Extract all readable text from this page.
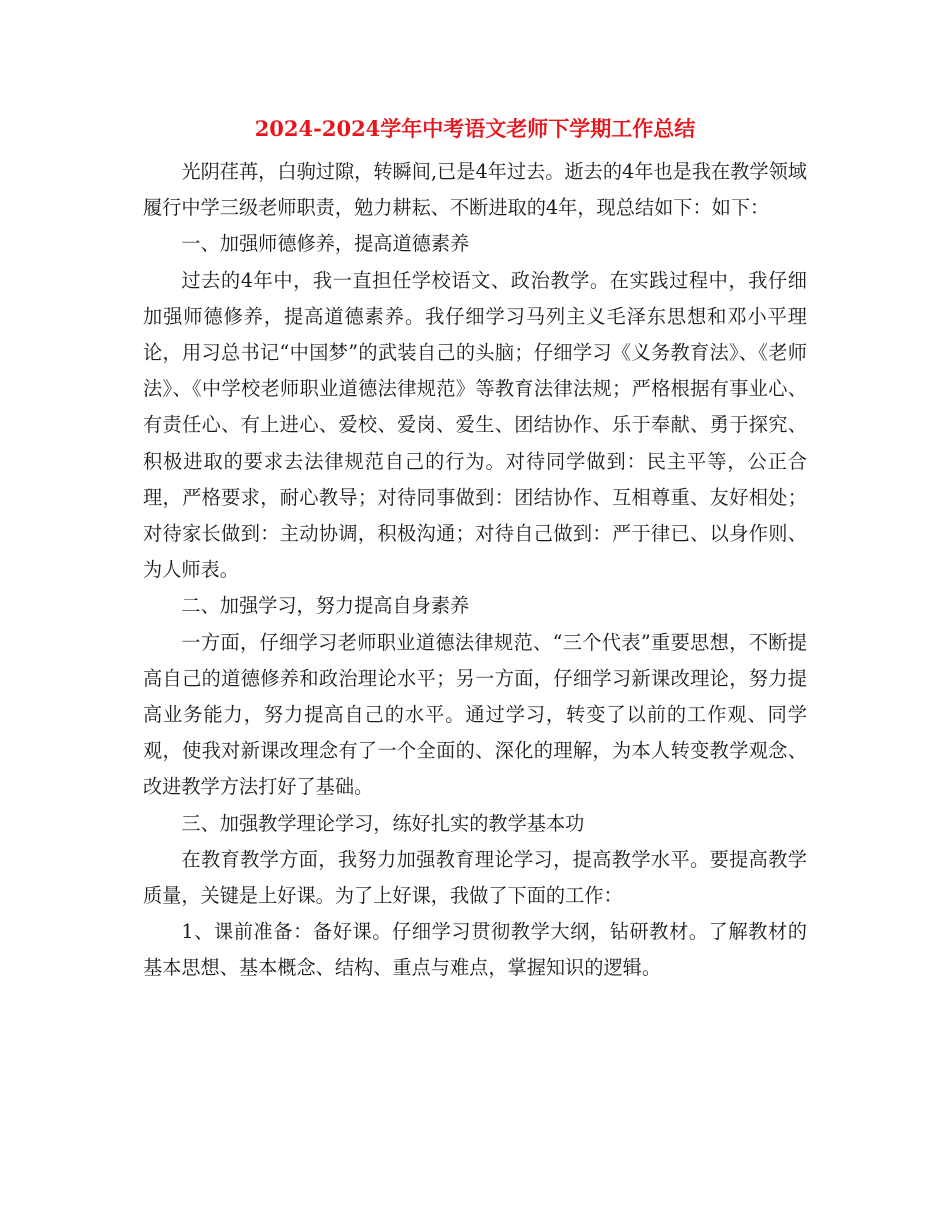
2024-2024学年中考语文老师下学期工作总结

光阴荏苒，白驹过隙，转瞬间,已是4年过去。逝去的4年也是我在教学领域履行中学三级老师职责，勉力耕耘、不断进取的4年，现总结如下：如下：

一、加强师德修养，提高道德素养

过去的4年中，我一直担任学校语文、政治教学。在实践过程中，我仔细加强师德修养，提高道德素养。我仔细学习马列主义毛泽东思想和邓小平理论，用习总书记“中国梦”的武装自己的头脑；仔细学习《义务教育法》、《老师法》、《中学校老师职业道德法律规范》等教育法律法规；严格根据有事业心、有责任心、有上进心、爱校、爱岗、爱生、团结协作、乐于奉献、勇于探究、积极进取的要求去法律规范自己的行为。对待同学做到：民主平等，公正合理，严格要求，耐心教导；对待同事做到：团结协作、互相尊重、友好相处；对待家长做到：主动协调，积极沟通；对待自己做到：严于律已、以身作则、为人师表。

二、加强学习，努力提高自身素养

一方面，仔细学习老师职业道德法律规范、“三个代表”重要思想，不断提高自己的道德修养和政治理论水平；另一方面，仔细学习新课改理论，努力提高业务能力，努力提高自己的水平。通过学习，转变了以前的工作观、同学观，使我对新课改理念有了一个全面的、深化的理解，为本人转变教学观念、改进教学方法打好了基础。

三、加强教学理论学习，练好扎实的教学基本功

在教育教学方面，我努力加强教育理论学习，提高教学水平。要提高教学质量，关键是上好课。为了上好课，我做了下面的工作：

1、课前准备：备好课。仔细学习贯彻教学大纲，钻研教材。了解教材的基本思想、基本概念、结构、重点与难点，掌握知识的逻辑。
